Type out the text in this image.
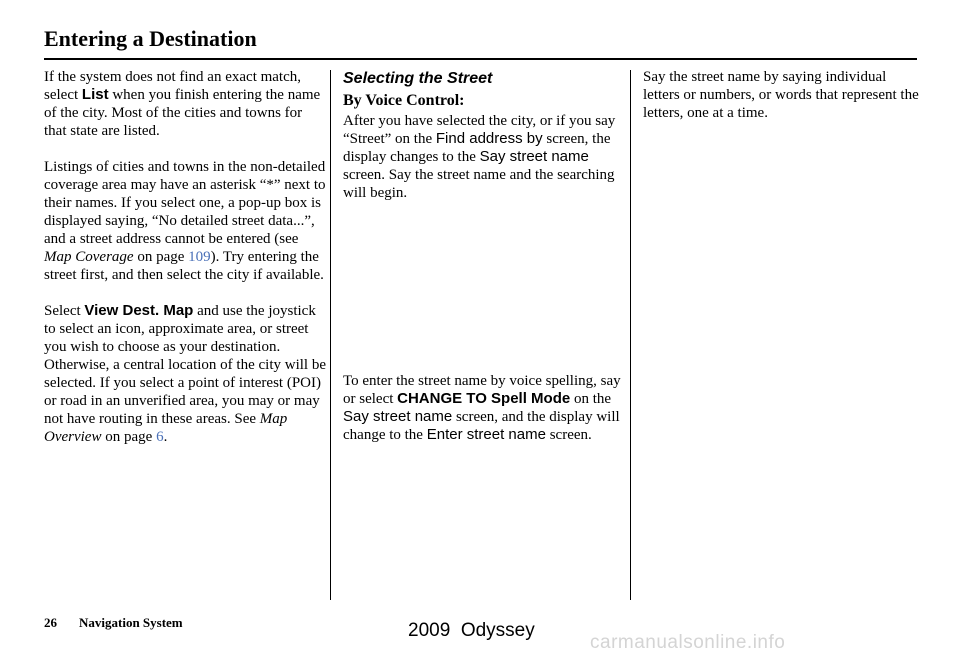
Entering a Destination

If the system does not find an exact match, select List when you finish entering the name of the city. Most of the cities and towns for that state are listed.

Listings of cities and towns in the non-detailed coverage area may have an asterisk “*” next to their names. If you select one, a pop-up box is displayed saying, “No detailed street data...”, and a street address cannot be entered (see Map Coverage on page 109). Try entering the street first, and then select the city if available.

Select View Dest. Map and use the joystick to select an icon, approximate area, or street you wish to choose as your destination. Otherwise, a central location of the city will be selected. If you select a point of interest (POI) or road in an unverified area, you may or may not have routing in these areas. See Map Overview on page 6.

Selecting the Street
By Voice Control:

After you have selected the city, or if you say “Street” on the Find address by screen, the display changes to the Say street name screen. Say the street name and the searching will begin.

To enter the street name by voice spelling, say or select CHANGE TO Spell Mode on the Say street name screen, and the display will change to the Enter street name screen.

Say the street name by saying individual letters or numbers, or words that represent the letters, one at a time.

26 Navigation System	2009  Odyssey
carmanualsonline.info
